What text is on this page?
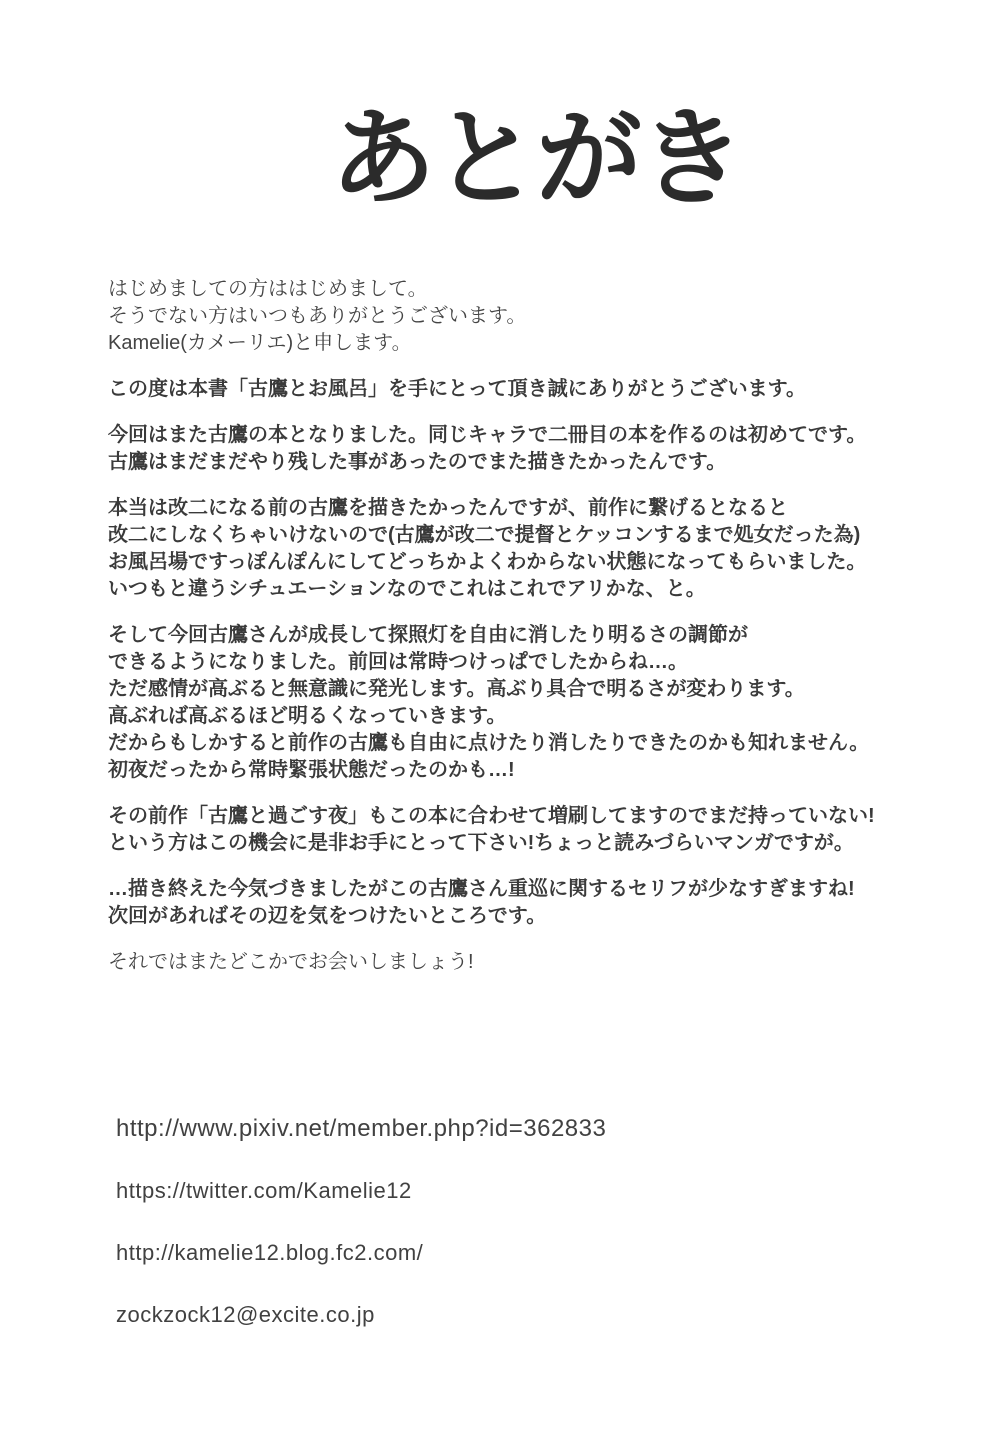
あとがき

はじめましての方ははじめまして。
そうでない方はいつもありがとうございます。
Kamelie(カメーリエ)と申します。

この度は本書「古鷹とお風呂」を手にとって頂き誠にありがとうございます。

今回はまた古鷹の本となりました。同じキャラで二冊目の本を作るのは初めてです。
古鷹はまだまだやり残した事があったのでまた描きたかったんです。

本当は改二になる前の古鷹を描きたかったんですが、前作に繋げるとなると
改二にしなくちゃいけないので(古鷹が改二で提督とケッコンするまで処女だった為)
お風呂場ですっぽんぽんにしてどっちかよくわからない状態になってもらいました。
いつもと違うシチュエーションなのでこれはこれでアリかな、と。

そして今回古鷹さんが成長して探照灯を自由に消したり明るさの調節が
できるようになりました。前回は常時つけっぱでしたからね…。
ただ感情が高ぶると無意識に発光します。高ぶり具合で明るさが変わります。
高ぶれば高ぶるほど明るくなっていきます。
だからもしかすると前作の古鷹も自由に点けたり消したりできたのかも知れません。
初夜だったから常時緊張状態だったのかも…!

その前作「古鷹と過ごす夜」もこの本に合わせて増刷してますのでまだ持っていない!
という方はこの機会に是非お手にとって下さい!ちょっと読みづらいマンガですが。

…描き終えた今気づきましたがこの古鷹さん重巡に関するセリフが少なすぎますね!
次回があればその辺を気をつけたいところです。

それではまたどこかでお会いしましょう!

http://www.pixiv.net/member.php?id=362833
https://twitter.com/Kamelie12
http://kamelie12.blog.fc2.com/
zockzock12@excite.co.jp
